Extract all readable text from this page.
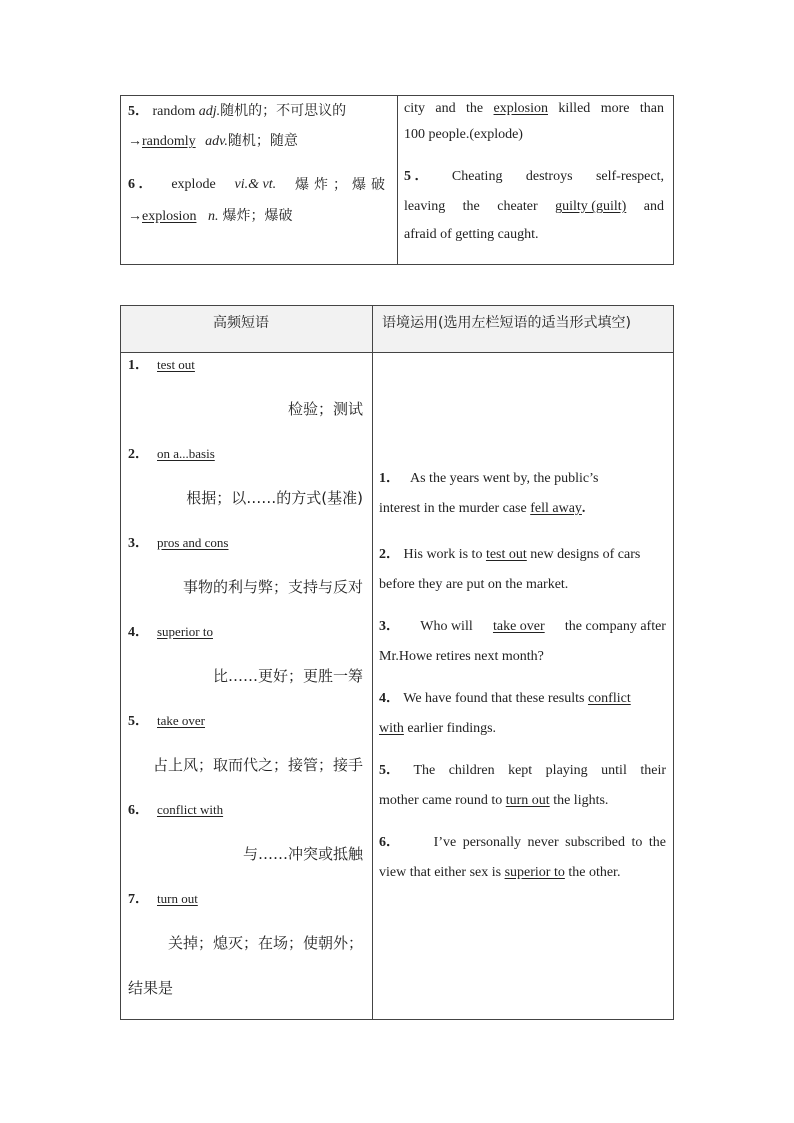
5． random adj.随机的；不可思议的
→randomly adv.随机；随意
6 ． explode vi.& vt. 爆炸；爆破
→explosion n. 爆炸；爆破
city and the explosion killed more than
100 people.(explode)
5 ． Cheating destroys self-respect,
leaving the cheater guilty (guilt) and
afraid of getting caught.
高频短语	语境运用(选用左栏短语的适当形式填空)
1． test out
检验；测试
2． on a...basis
根据；以……的方式(基准)
3． pros and cons
事物的利与弊；支持与反对
4． superior to
比……更好；更胜一筹
5． take over
占上风；取而代之；接管；接手
6． conflict with
与……冲突或抵触
7． turn out
关掉；熄灭；在场；使朝外；
结果是
1． As the years went by, the public’s
interest in the murder case fell away.
2． His work is to test out new designs of cars
before they are put on the market.
3． Who will take over the company after
Mr.Howe retires next month?
4． We have found that these results conflict
with earlier findings.
5． The children kept playing until their
mother came round to turn out the lights.
6． I’ve personally never subscribed to the
view that either sex is superior to the other.
